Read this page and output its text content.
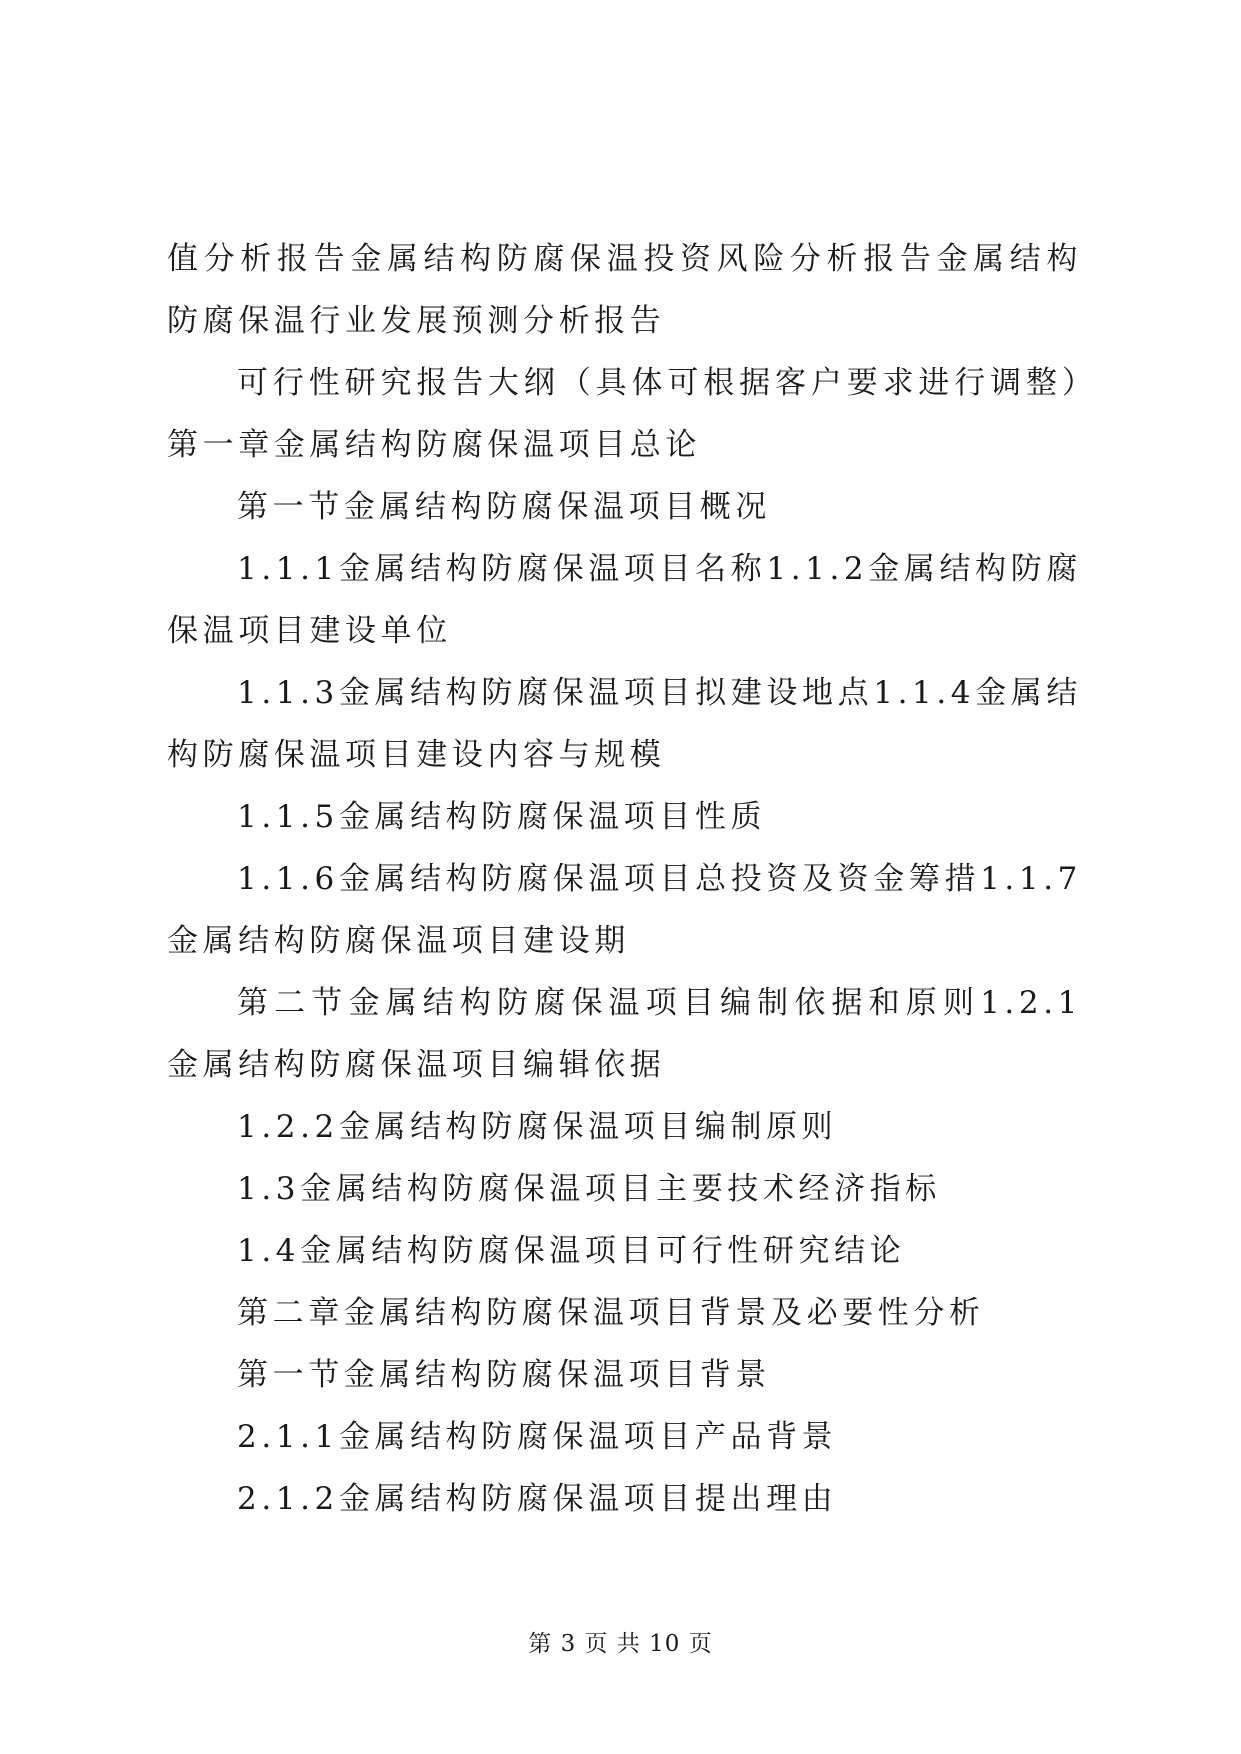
值分析报告金属结构防腐保温投资风险分析报告金属结构防腐保温行业发展预测分析报告

可行性研究报告大纲（具体可根据客户要求进行调整）第一章金属结构防腐保温项目总论

第一节金属结构防腐保温项目概况

1.1.1金属结构防腐保温项目名称1.1.2金属结构防腐保温项目建设单位

1.1.3金属结构防腐保温项目拟建设地点1.1.4金属结构防腐保温项目建设内容与规模

1.1.5金属结构防腐保温项目性质

1.1.6金属结构防腐保温项目总投资及资金筹措1.1.7金属结构防腐保温项目建设期

第二节金属结构防腐保温项目编制依据和原则1.2.1金属结构防腐保温项目编辑依据

1.2.2金属结构防腐保温项目编制原则

1.3金属结构防腐保温项目主要技术经济指标

1.4金属结构防腐保温项目可行性研究结论

第二章金属结构防腐保温项目背景及必要性分析

第一节金属结构防腐保温项目背景

2.1.1金属结构防腐保温项目产品背景

2.1.2金属结构防腐保温项目提出理由

第 3 页 共 10 页
